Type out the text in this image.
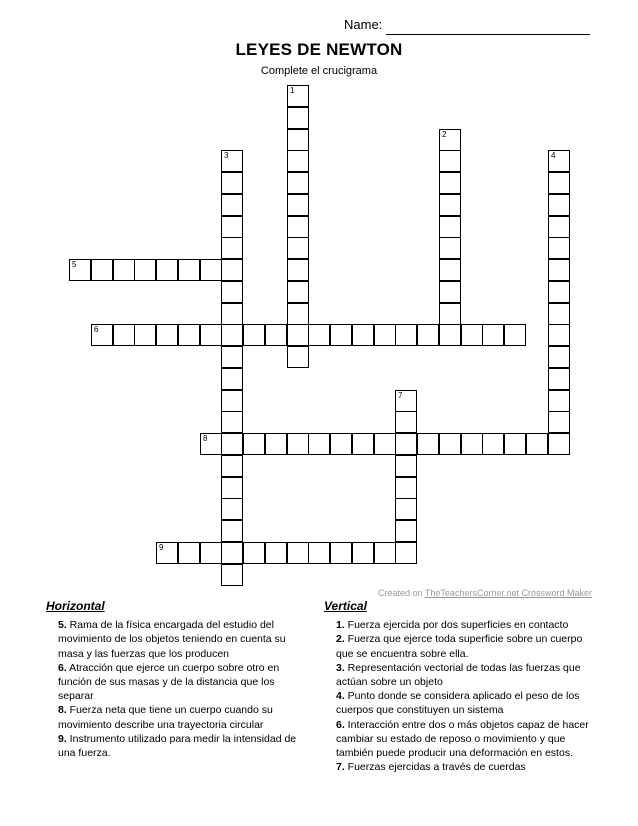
Name:
LEYES DE NEWTON
Complete el crucigrama
1
2
3	4
5
6
7
8
9
Created on TheTeachersCorner.net Crossword Maker
Horizontal
5. Rama de la física encargada del estudio del movimiento de los objetos teniendo en cuenta su masa y las fuerzas que los producen
6. Atracción que ejerce un cuerpo sobre otro en función de sus masas y de la distancia que los separar
8. Fuerza neta que tiene un cuerpo cuando su movimiento describe una trayectoria circular
9. Instrumento utilizado para medir la intensidad de una fuerza.
Vertical
1. Fuerza ejercida por dos superficies en contacto
2. Fuerza que ejerce toda superficie sobre un cuerpo que se encuentra sobre ella.
3. Representación vectorial de todas las fuerzas que actúan sobre un objeto
4. Punto donde se considera aplicado el peso de los cuerpos que constituyen un sistema
6. Interacción entre dos o más objetos capaz de hacer cambiar su estado de reposo o movimiento y que también puede producir una deformación en estos.
7. Fuerzas ejercidas a través de cuerdas
